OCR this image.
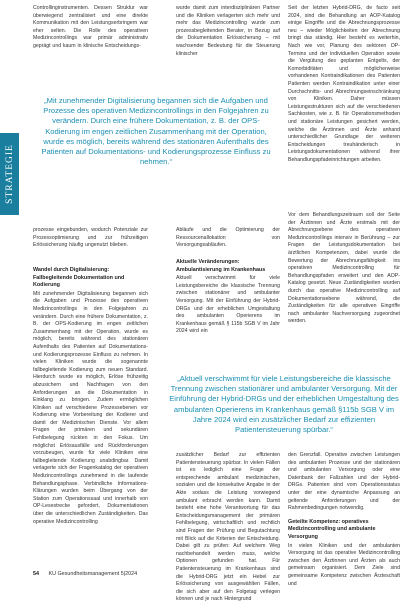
STRATEGIE

Controllinginstrumenten. Dessen Struktur war überwiegend zentralisiert und eine direkte Kommunikation mit den Leistungserbringern war eher selten. Die Rolle des operativen Medizincontrollings war primär administrativ geprägt und kaum in klinische Entscheidungs-

wurde damit zum interdisziplinären Partner und die Kliniken verlagerten sich mehr und mehr das Medizincontrolling wurde zum prozessbegleitenden Berater, in Bezug auf die Dokumentation Erlössicherung – mit wachsender Bedeutung für die Steuerung klinischer

Seit der letzten Hybrid-DRG, de facto seit 2024, sind die Behandlung an AOP-Katalog einige Eingriffe und die Abrechnungsprozesse neu – wieder Möglichkeiten der Abrechnung bringt das ständig. Hier besteht es weiterhin, Nach wie vor, Planung des sektoren OP-Termins und der individuellen Operation sowie die Vergütung des geplanten Entgelts, der Komorbiditäten und möglicherweise vorhandenen Kontraindikationen des Patienten Patienten werden Kontraindikation unter einer Durchschnitts- und Abrechnungseinschränkung von Kliniken. Daher müssen Leistungsstrukturen sich auf die verschiedenen Sachkosten, wie z. B. für Operationsmethoden und stationäre Leistungen gesichert werden, welche die Ärztinnen und Ärzte anhand unterschiedlicher Grundlage der weiteren Entscheidungen treuhänderisch in Leistungsdokumentationen während ihrer Behandlungspfadeinrichtungen arbeiten.

„Mit zunehmender Digitalisierung begannen sich die Aufgaben und Prozesse des operativen Medizincontrollings in den Folgejahren zu verändern. Durch eine frühere Dokumentation, z. B. der OPS-Kodierung im engen zeitlichen Zusammenhang mit der Operation, wurde es möglich, bereits während des stationären Aufenthalts des Patienten auf Dokumentations- und Kodierungsprozesse Einfluss zu nehmen.“

prozesse eingebunden, wodurch Potenziale zur Prozessoptimierung und zur frühzeitigen Erlössicherung häufig ungenutzt blieben.

Abläufe und die Optimierung der Ressourcenallokation von Versorgungsabläufen.

Vor dem Behandlungszeitraum soll der Seite der Ärztinnen und Ärzte erstmals mit der Abrechnungsebene des operativen Medizincontrollings intensiv in Berührung – zur Fragen der Leistungsdokumentation bei ärztlichen Kompetenzen, dabei wurde die Bewertung der Abrechnungsfähigkeit ins operativen Medizincontrolling für Behandlungspfaden erweitert und den AOP-Katalog gesetzt. Neue Zuständigkeiten wurden durch das operative Medizincontrolling auf Dokumentationsebene während, die Zuständigkeiten für alle operativen Eingriffe nach ambulanter Nachversorgung zugeordnet werden.

Wandel durch Digitalisierung: Fallbegleitende Dokumentation und Kodierung

Mit zunehmender Digitalisierung begannen sich die Aufgaben und Prozesse des operativen Medizincontrollings in den Folgejahren zu verändern. Durch eine frühere Dokumentation, z. B. der OPS-Kodierung im engen zeitlichen Zusammenhang mit der Operation, wurde es möglich, bereits während des stationären Aufenthalts des Patienten auf Dokumentations- und Kodierungsprozesse Einfluss zu nehmen. In vielen Kliniken wurde die sogenannte fallbegleitende Kodierung zum neuen Standard. Hierdurch wurde es möglich, Erlöse frühzeitig abzusichern und Nachfragen von den Anforderungen an die Dokumentation in Einklang zu bringen. Zudem ermöglichen Kliniken auf verschiedene Prozessebenen vor Kodierung eine Vorbereitung der Kodierer und damit der Medizinischen Dienste. Vor allem Fragen der primären und sekundären Fehlbelegung rückten in den Fokus. Um möglichst Erlösausfälle und Rückforderungen vorzubeugen, wurde für viele Kliniken eine fallbegleitende Kodierung unabdingbar. Damit verlagerte sich der Fragenkatalog der operativen Medizincontrollings zunehmend in die laufende Behandlungsphase. Verbindliche Informations-Klärungen wurden beim Übergang von der Station zum Operationssaal und innerhalb von OP-Lesestrecke gefordert, Dokumentationen über die unterschiedlichen Zuständigkeiten. Das operative Medizincontrolling

Aktuelle Veränderungen: Ambulantisierung im Krankenhaus

Aktuell verschwimmt für viele Leistungsbereiche die klassische Trennung zwischen stationärer und ambulanter Versorgung. Mit der Einführung der Hybrid-DRGs und der erheblichen Umgestaltung des ambulanten Operierens im Krankenhaus gemäß § 115b SGB V im Jahr 2024 wird ein

„Aktuell verschwimmt für viele Leistungsbereiche die klassische Trennung zwischen stationärer und ambulanter Versorgung. Mit der Einführung der Hybrid-DRGs und der erheblichen Umgestaltung des ambulanten Operierens im Krankenhaus gemäß §115b SGB V im Jahre 2024 wird ein zusätzlicher Bedarf zur effizienten Patientensteuerung spürbar.“

zusätzlicher Bedarf zur effizienten Patientensteuerung spürbar. In vielen Fällen ist es lediglich eine Frage der entsprechende ambulant medizinischen, sozialen und die konsekutive Angabe in der Akte sodass die Leistung vorwiegend ambulant erbracht werden kann. Damit besteht eine hohe Verantwortung für das Entscheidungsmanagement der primären Fehlbelegung, wirtschaftlich und rechtlich sind Fragen der Prüfung und Begutachtung mit Blick auf die Kriterien der Entscheidung. Dabei gilt zu prüfen: Auf welchem Weg nachbehandelt werden muss, welche Optionen gefunden hat. Für Patientensteuerung im Krankenhaus sind die Hybrid-DRG jetzt ein Hebel zur Erlössicherung von ausgewählten Fällen, die sich aber auf den Folgetag verlegen können und je nach Hintergrund

den Grenzfall. Operative zwischen Leistungen des ambulanten Prozesse und der stationären und ambulanten Versorgung oder eine Datenbank der Fallzahlen und der Hybrid-DRGs. Patienten sind vom Operationsstatus unter der eine dynamische Anpassung an geltende Anforderungen und der Rahmenbedingungen notwendig.

Geteilte Kompetenz: operatives Medizincontrolling und ambulante Versorgung

In vielen Kliniken und der ambulanten Versorgung ist das operative Medizincontrolling zwischen den Ärztinnen und Ärzten als auch gemeinsam organisiert. Dem Ziele sind gemeinsame Kompetenz zwischen Ärzteschaft und

54 KU Gesundheitsmanagement 5|2024
